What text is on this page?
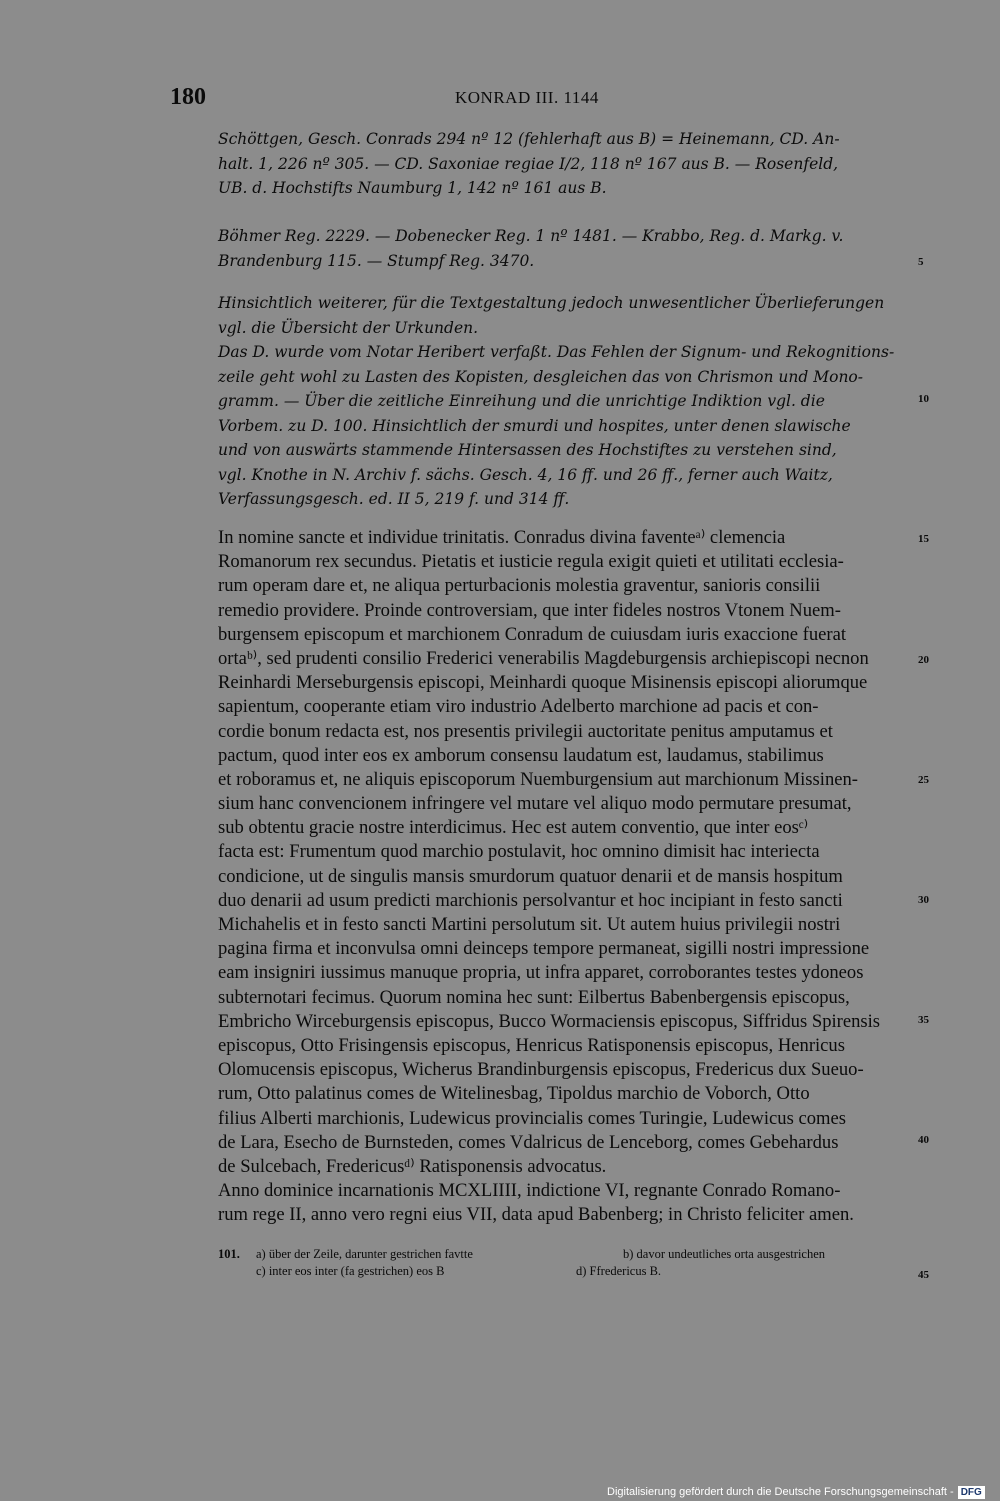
180	KONRAD III. 1144
Schöttgen, Gesch. Conrads 294 nº 12 (fehlerhaft aus B) = Heinemann, CD. An-
halt. 1, 226 nº 305. — CD. Saxoniae regiae I/2, 118 nº 167 aus B. — Rosenfeld,
UB. d. Hochstifts Naumburg 1, 142 nº 161 aus B.
Böhmer Reg. 2229. — Dobenecker Reg. 1 nº 1481. — Krabbo, Reg. d. Markg. v.
Brandenburg 115. — Stumpf Reg. 3470.
Hinsichtlich weiterer, für die Textgestaltung jedoch unwesentlicher Überlieferungen
vgl. die Übersicht der Urkunden.
Das D. wurde vom Notar Heribert verfaßt. Das Fehlen der Signum- und Rekognitions-
zeile geht wohl zu Lasten des Kopisten, desgleichen das von Chrismon und Mono-
gramm. — Über die zeitliche Einreihung und die unrichtige Indiktion vgl. die
Vorbem. zu D. 100. Hinsichtlich der smurdi und hospites, unter denen slawische
und von auswärts stammende Hintersassen des Hochstiftes zu verstehen sind,
vgl. Knothe in N. Archiv f. sächs. Gesch. 4, 16 ff. und 26 ff., ferner auch Waitz,
Verfassungsgesch. ed. II 5, 219 f. und 314 ff.
In nomine sancte et individue trinitatis. Conradus divina faventeᵃ⁾ clemencia
Romanorum rex secundus. Pietatis et iusticie regula exigit quieti et utilitati ecclesia-
rum operam dare et, ne aliqua perturbacionis molestia graventur, sanioris consilii
remedio providere. Proinde controversiam, que inter fideles nostros Vtonem Nuem-
burgensem episcopum et marchionem Conradum de cuiusdam iuris exaccione fuerat
ortaᵇ⁾, sed prudenti consilio Frederici venerabilis Magdeburgensis archiepiscopi necnon
Reinhardi Merseburgensis episcopi, Meinhardi quoque Misinensis episcopi aliorumque
sapientum, cooperante etiam viro industrio Adelberto marchione ad pacis et con-
cordie bonum redacta est, nos presentis privilegii auctoritate penitus amputamus et
pactum, quod inter eos ex amborum consensu laudatum est, laudamus, stabilimus
et roboramus et, ne aliquis episcoporum Nuemburgensium aut marchionum Missinen-
sium hanc convencionem infringere vel mutare vel aliquo modo permutare presumat,
sub obtentu gracie nostre interdicimus. Hec est autem conventio, que inter eosᶜ⁾
facta est: Frumentum quod marchio postulavit, hoc omnino dimisit hac interiecta
condicione, ut de singulis mansis smurdorum quatuor denarii et de mansis hospitum
duo denarii ad usum predicti marchionis persolvantur et hoc incipiant in festo sancti
Michahelis et in festo sancti Martini persolutum sit. Ut autem huius privilegii nostri
pagina firma et inconvulsa omni deinceps tempore permaneat, sigilli nostri impressione
eam insigniri iussimus manuque propria, ut infra apparet, corroborantes testes ydoneos
subternotari fecimus. Quorum nomina hec sunt: Eilbertus Babenbergensis episcopus,
Embricho Wirceburgensis episcopus, Bucco Wormaciensis episcopus, Siffridus Spirensis
episcopus, Otto Frisingensis episcopus, Henricus Ratisponensis episcopus, Henricus
Olomucensis episcopus, Wicherus Brandinburgensis episcopus, Fredericus dux Sueuo-
rum, Otto palatinus comes de Witelinesbag, Tipoldus marchio de Voborch, Otto
filius Alberti marchionis, Ludewicus provincialis comes Turingie, Ludewicus comes
de Lara, Esecho de Burnsteden, comes Vdalricus de Lenceborg, comes Gebehardus
de Sulcebach, Fredericusᵈ⁾ Ratisponensis advocatus.
Anno dominice incarnationis MCXLIIII, indictione VI, regnante Conrado Romano-
rum rege II, anno vero regni eius VII, data apud Babenberg; in Christo feliciter amen.
5
10
15
20
25
30
35
40
45
101. a) über der Zeile, darunter gestrichen favtte	b) davor undeutliches orta ausgestrichen
c) inter eos inter (fa gestrichen) eos B	d) Ffredericus B.
Digitalisierung gefördert durch die Deutsche Forschungsgemeinschaft - DFG
